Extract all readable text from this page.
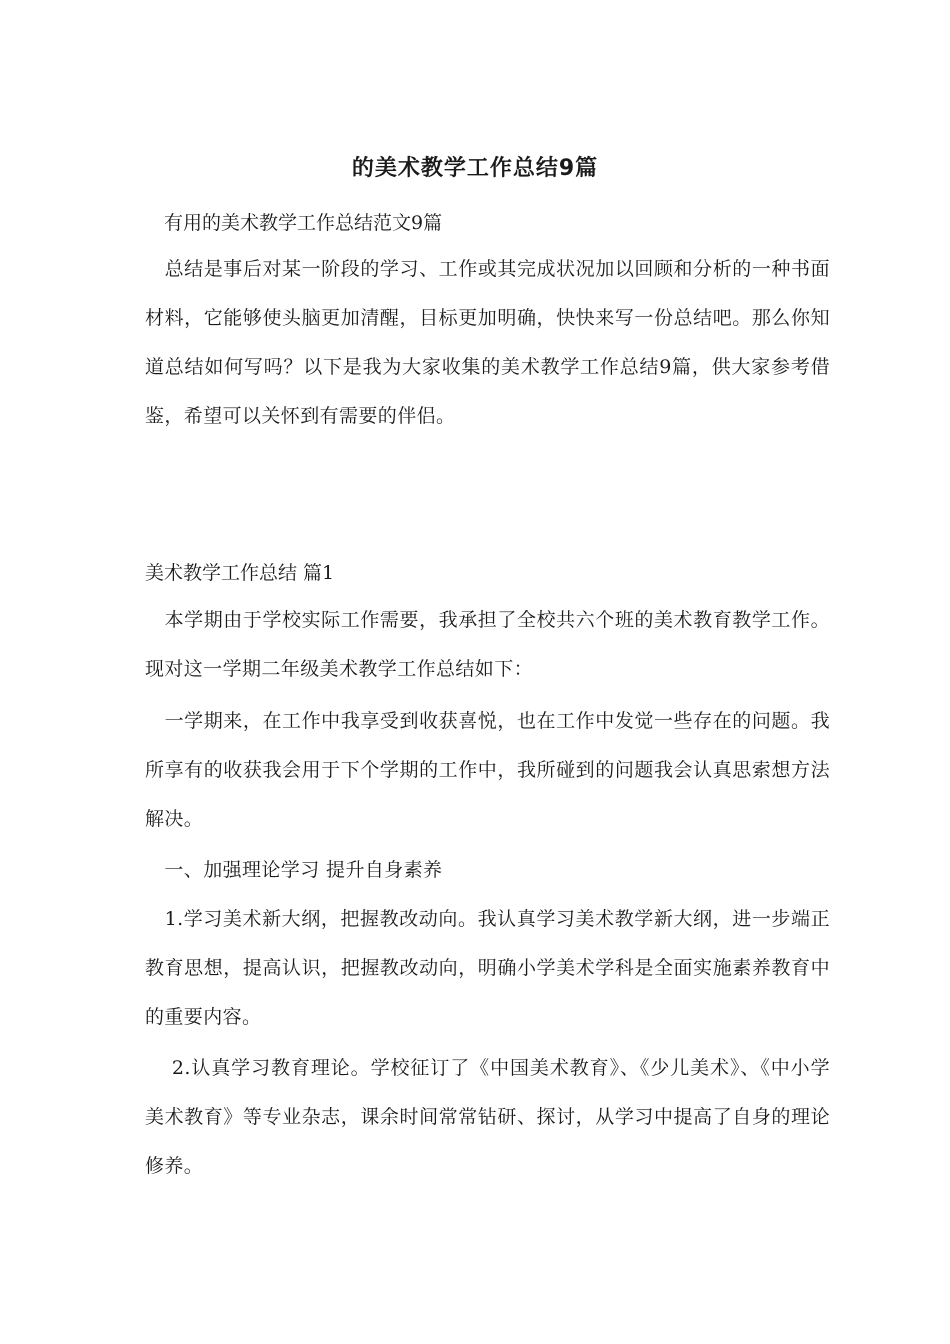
的美术教学工作总结9篇
有用的美术教学工作总结范文9篇
　总结是事后对某一阶段的学习、工作或其完成状况加以回顾和分析的一种书面材料，它能够使头脑更加清醒，目标更加明确，快快来写一份总结吧。那么你知道总结如何写吗？以下是我为大家收集的美术教学工作总结9篇，供大家参考借鉴，希望可以关怀到有需要的伴侣。
美术教学工作总结 篇1
　本学期由于学校实际工作需要，我承担了全校共六个班的美术教育教学工作。现对这一学期二年级美术教学工作总结如下：
　一学期来，在工作中我享受到收获喜悦，也在工作中发觉一些存在的问题。我所享有的收获我会用于下个学期的工作中，我所碰到的问题我会认真思索想方法解决。
　一、加强理论学习 提升自身素养
　1.学习美术新大纲，把握教改动向。我认真学习美术教学新大纲，进一步端正教育思想，提高认识，把握教改动向，明确小学美术学科是全面实施素养教育中的重要内容。
　 2.认真学习教育理论。学校征订了《中国美术教育》、《少儿美术》、《中小学美术教育》等专业杂志，课余时间常常钻研、探讨，从学习中提高了自身的理论修养。
